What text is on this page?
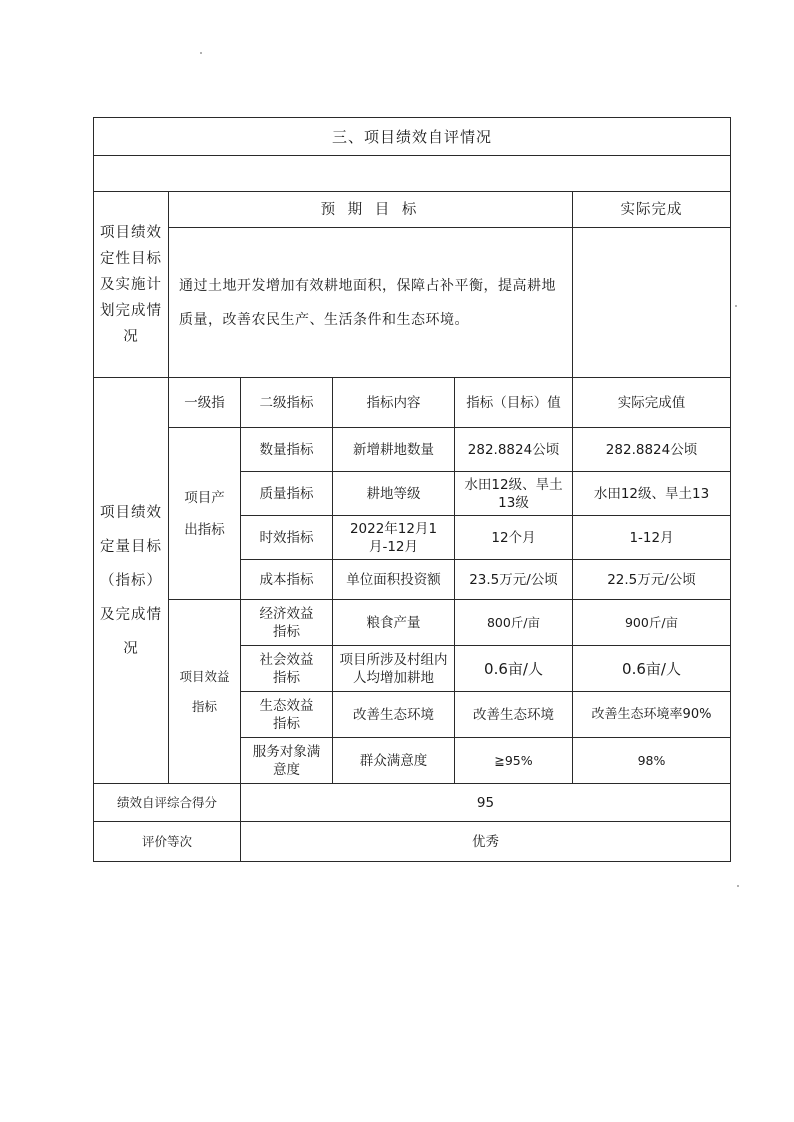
三、项目绩效自评情况					

项目绩效定性目标及实施计划完成情况	预 期 目 标				实际完成
	通过土地开发增加有效耕地面积，保障占补平衡，提高耕地质量，改善农民生产、生活条件和生态环境。				
项目绩效定量目标（指标）及完成情况	一级指	二级指标	指标内容	指标（目标）值	实际完成值
	项目产出指标	数量指标	新增耕地数量	282.8824公顷	282.8824公顷
		质量指标	耕地等级	水田12级、旱土13级	水田12级、旱土13
		时效指标	2022年12月1月-12月	12个月	1-12月
		成本指标	单位面积投资额	23.5万元/公顷	22.5万元/公顷
	项目效益指标	经济效益指标	粮食产量	800斤/亩	900斤/亩
		社会效益指标	项目所涉及村组内人均增加耕地	0.6亩/人	0.6亩/人
		生态效益指标	改善生态环境	改善生态环境	改善生态环境率90%
		服务对象满意度	群众满意度	≧95%	98%
绩效自评综合得分		95			
评价等次		优秀			
